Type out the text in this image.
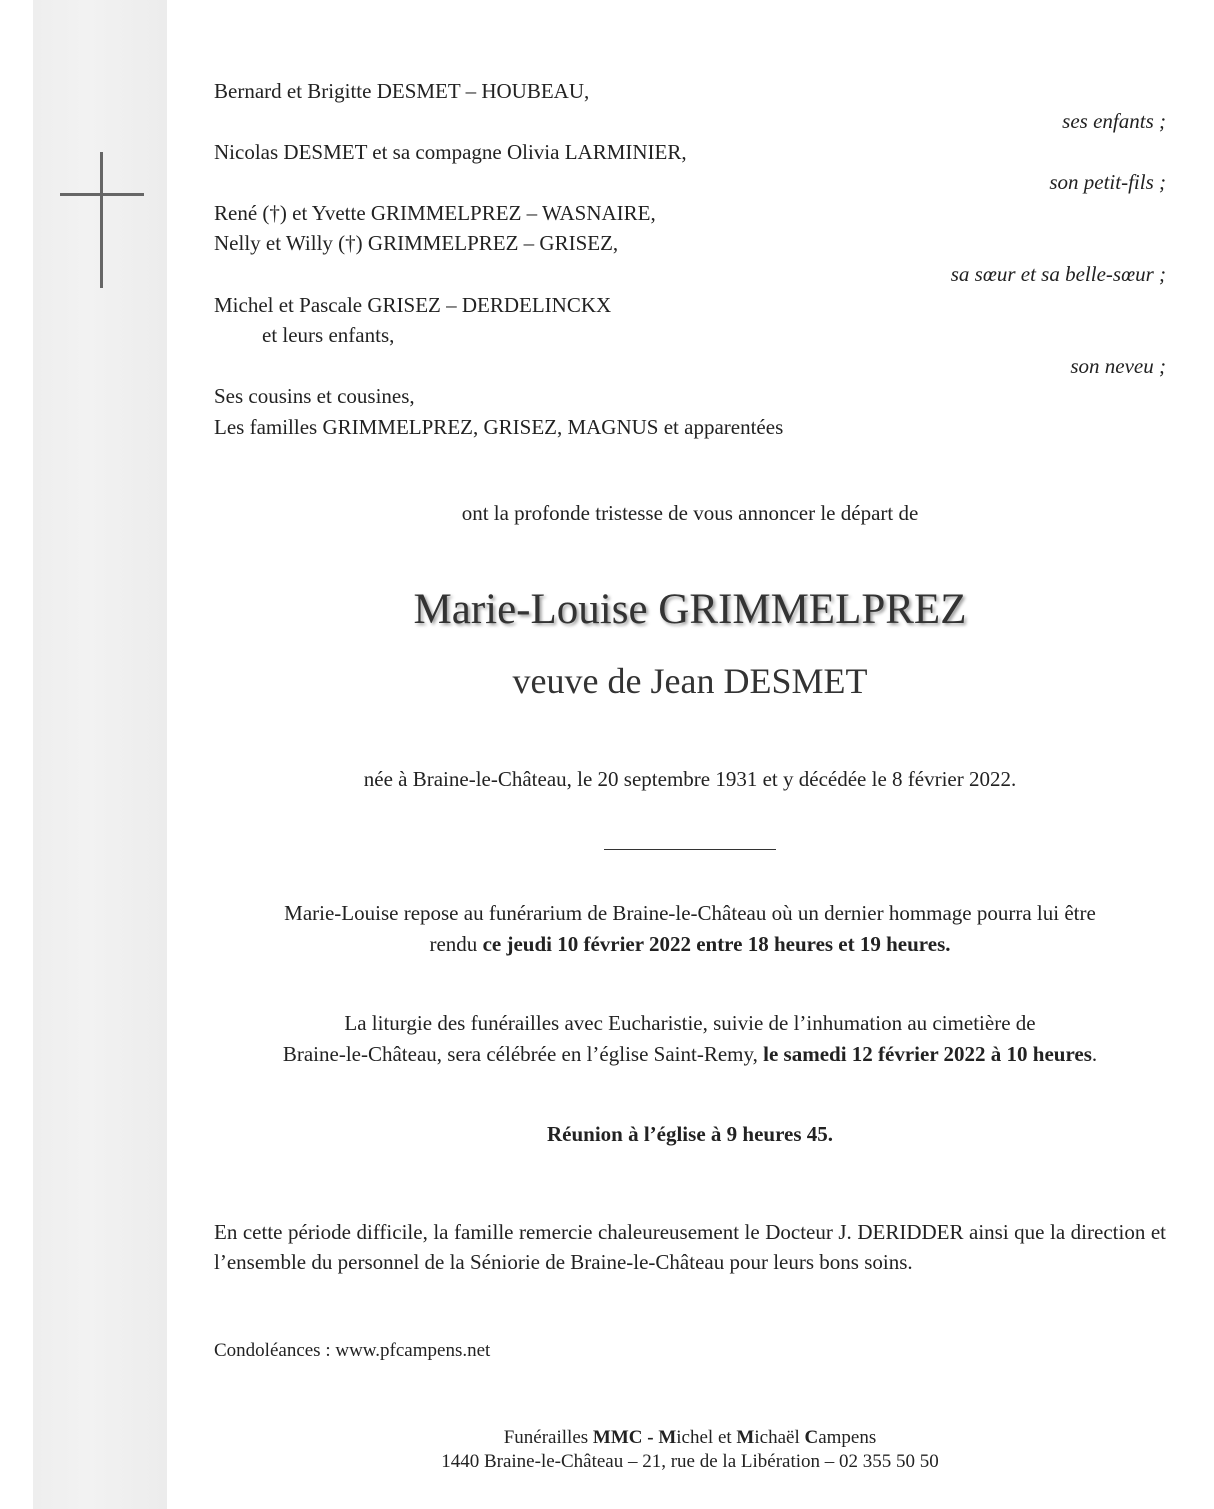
Bernard et Brigitte DESMET – HOUBEAU,
ses enfants ;
Nicolas DESMET et sa compagne Olivia LARMINIER,
son petit-fils ;
René (†) et Yvette GRIMMELPREZ – WASNAIRE,
Nelly et Willy (†) GRIMMELPREZ – GRISEZ,
sa sœur et sa belle-sœur ;
Michel et Pascale GRISEZ – DERDELINCKX
et leurs enfants,
son neveu ;
Ses cousins et cousines,
Les familles GRIMMELPREZ, GRISEZ, MAGNUS et apparentées
ont la profonde tristesse de vous annoncer le départ de
Marie-Louise GRIMMELPREZ
veuve de Jean DESMET
née à Braine-le-Château, le 20 septembre 1931 et y décédée le 8 février 2022.
Marie-Louise repose au funérarium de Braine-le-Château où un dernier hommage pourra lui être
rendu ce jeudi 10 février 2022 entre 18 heures et 19 heures.
La liturgie des funérailles avec Eucharistie, suivie de l’inhumation au cimetière de
Braine-le-Château, sera célébrée en l’église Saint-Remy, le samedi 12 février 2022 à 10 heures.
Réunion à l’église à 9 heures 45.
En cette période difficile, la famille remercie chaleureusement le Docteur J. DERIDDER ainsi que la direction et l’ensemble du personnel de la Séniorie de Braine-le-Château pour leurs bons soins.
Condoléances : www.pfcampens.net
Funérailles MMC - Michel et Michaël Campens
1440 Braine-le-Château – 21, rue de la Libération – 02 355 50 50
